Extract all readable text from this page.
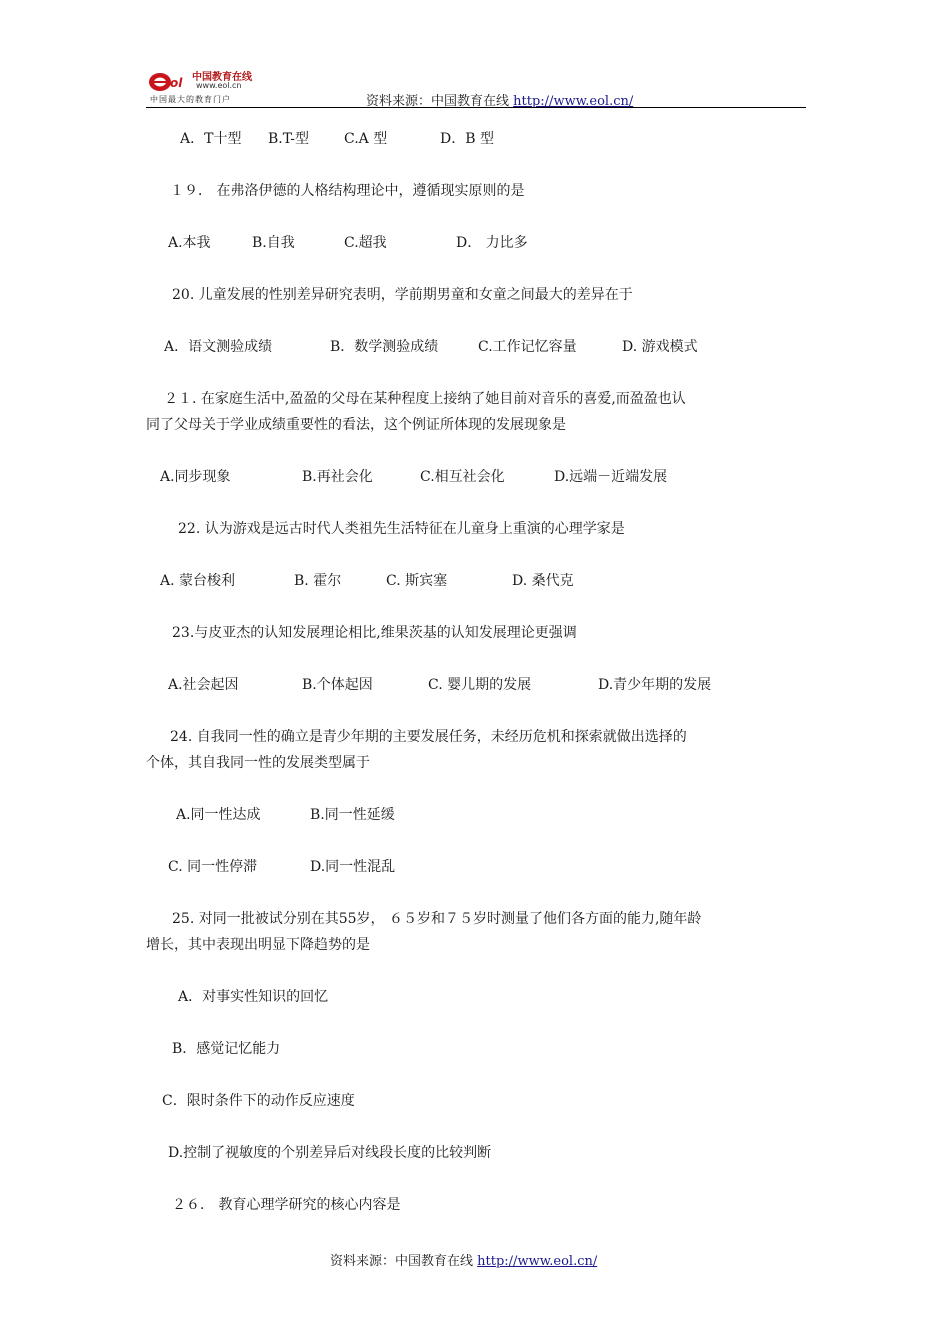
ol 中国教育在线
www.eol.cn
中国最大的教育门户	资料来源：中国教育在线 http://www.eol.cn/
A．T十型 B.T-型 C.A 型	D．B 型
１９． 在弗洛伊德的人格结构理论中，遵循现实原则的是
A.本我	B.自我	C.超我	D． 力比多
20. 儿童发展的性别差异研究表明，学前期男童和女童之间最大的差异在于
A．语文测验成绩	B．数学测验成绩	C.工作记忆容量	D. 游戏模式
２１. 在家庭生活中,盈盈的父母在某种程度上接纳了她目前对音乐的喜爱,而盈盈也认
同了父母关于学业成绩重要性的看法，这个例证所体现的发展现象是
A.同步现象	B.再社会化	C.相互社会化	D.远端－近端发展
22. 认为游戏是远古时代人类祖先生活特征在儿童身上重演的心理学家是
A. 蒙台梭利	B. 霍尔	C. 斯宾塞	D. 桑代克
23.与皮亚杰的认知发展理论相比,维果茨基的认知发展理论更强调
A.社会起因	B.个体起因	C. 婴儿期的发展	D.青少年期的发展
24. 自我同一性的确立是青少年期的主要发展任务，未经历危机和探索就做出选择的
个体，其自我同一性的发展类型属于
A.同一性达成	B.同一性延缓
C. 同一性停滞	D.同一性混乱
25. 对同一批被试分别在其55岁， ６５岁和７５岁时测量了他们各方面的能力,随年龄
增长，其中表现出明显下降趋势的是
A．对事实性知识的回忆
B．感觉记忆能力
C．限时条件下的动作反应速度
D.控制了视敏度的个别差异后对线段长度的比较判断
２６． 教育心理学研究的核心内容是
资料来源：中国教育在线 http://www.eol.cn/
